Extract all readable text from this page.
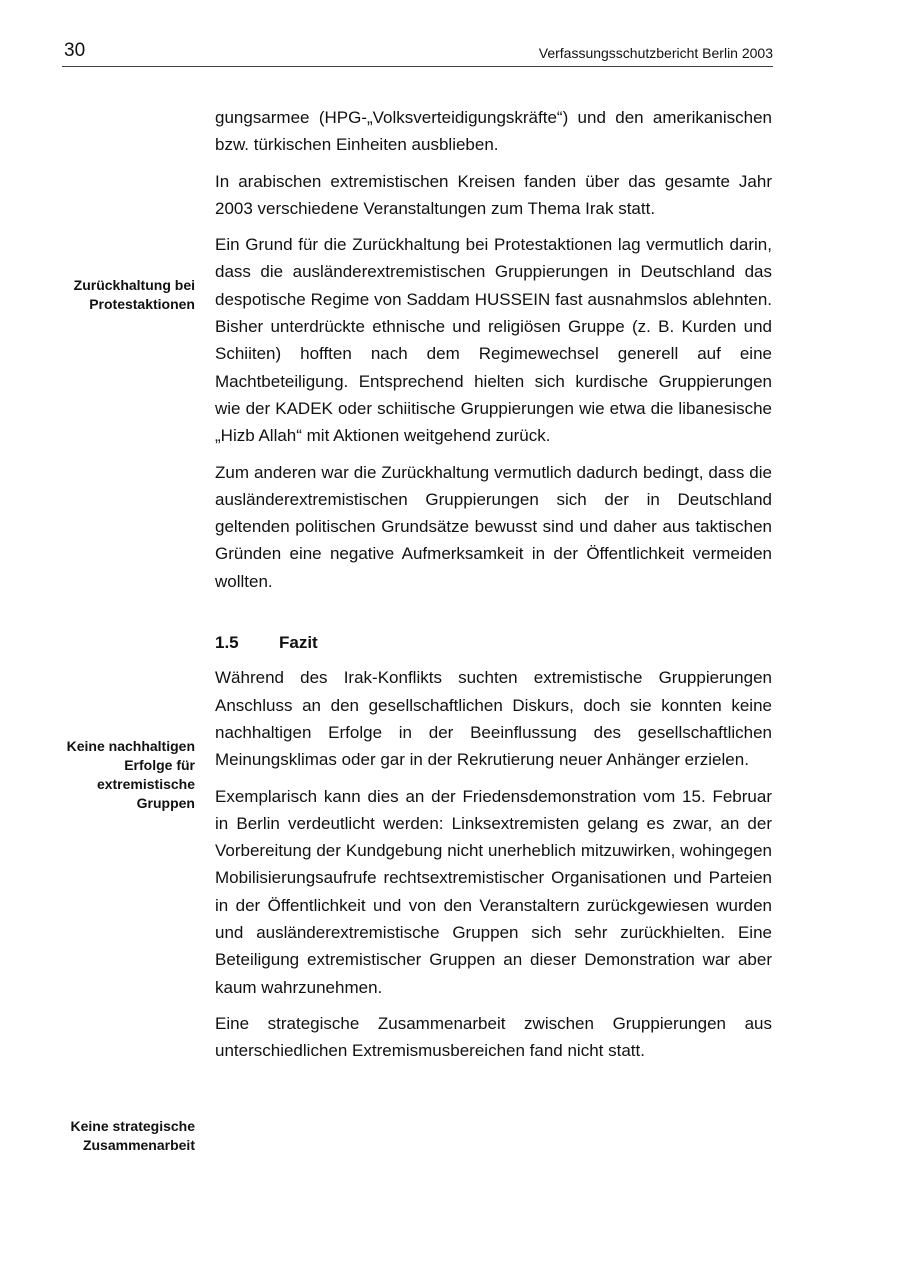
30	Verfassungsschutzbericht Berlin 2003
Zurückhaltung bei
Protestaktionen
Keine nachhaltigen
Erfolge für
extremistische
Gruppen
Keine strategische
Zusammenarbeit

gungsarmee (HPG-„Volksverteidigungskräfte“) und den amerikanischen bzw. türkischen Einheiten ausblieben.

In arabischen extremistischen Kreisen fanden über das gesamte Jahr 2003 verschiedene Veranstaltungen zum Thema Irak statt.

Ein Grund für die Zurückhaltung bei Protestaktionen lag vermutlich darin, dass die ausländerextremistischen Gruppierungen in Deutschland das despotische Regime von Saddam HUSSEIN fast ausnahmslos ablehnten. Bisher unterdrückte ethnische und religiösen Gruppe (z. B. Kurden und Schiiten) hofften nach dem Regimewechsel generell auf eine Machtbeteiligung. Entsprechend hielten sich kurdische Gruppierungen wie der KADEK oder schiitische Gruppierungen wie etwa die libanesische „Hizb Allah“ mit Aktionen weitgehend zurück.

Zum anderen war die Zurückhaltung vermutlich dadurch bedingt, dass die ausländerextremistischen Gruppierungen sich der in Deutschland geltenden politischen Grundsätze bewusst sind und daher aus taktischen Gründen eine negative Aufmerksamkeit in der Öffentlichkeit vermeiden wollten.

1.5 Fazit

Während des Irak-Konflikts suchten extremistische Gruppierungen Anschluss an den gesellschaftlichen Diskurs, doch sie konnten keine nachhaltigen Erfolge in der Beeinflussung des gesellschaftlichen Meinungsklimas oder gar in der Rekrutierung neuer Anhänger erzielen.

Exemplarisch kann dies an der Friedensdemonstration vom 15. Februar in Berlin verdeutlicht werden: Linksextremisten gelang es zwar, an der Vorbereitung der Kundgebung nicht unerheblich mitzuwirken, wohingegen Mobilisierungsaufrufe rechtsextremistischer Organisationen und Parteien in der Öffentlichkeit und von den Veranstaltern zurückgewiesen wurden und ausländerextremistische Gruppen sich sehr zurückhielten. Eine Beteiligung extremistischer Gruppen an dieser Demonstration war aber kaum wahrzunehmen.

Eine strategische Zusammenarbeit zwischen Gruppierungen aus unterschiedlichen Extremismusbereichen fand nicht statt.
